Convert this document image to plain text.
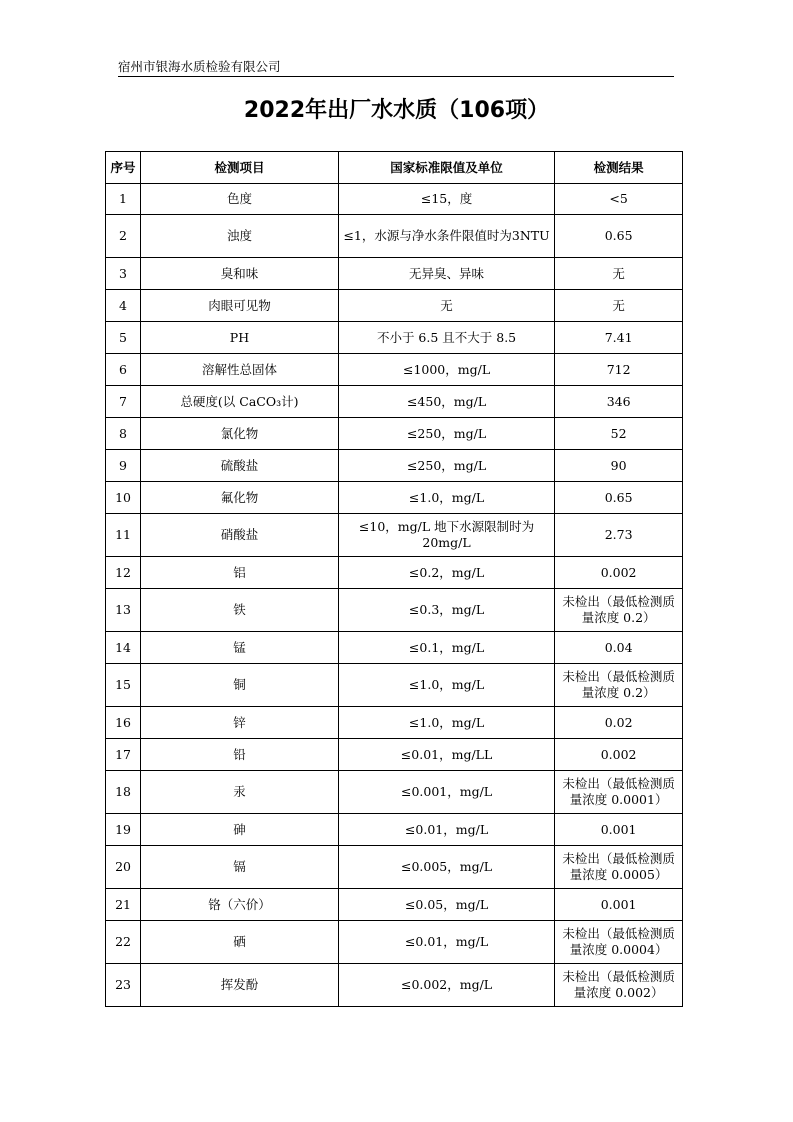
宿州市银海水质检验有限公司
2022年出厂水水质（106项）
序号	检测项目	国家标准限值及单位	检测结果
1	色度	≤15，度	<5
2	浊度	≤1，水源与净水条件限值时为3NTU	0.65
3	臭和味	无异臭、异味	无
4	肉眼可见物	无	无
5	PH	不小于 6.5 且不大于 8.5	7.41
6	溶解性总固体	≤1000，mg/L	712
7	总硬度(以 CaCO₃计)	≤450，mg/L	346
8	氯化物	≤250，mg/L	52
9	硫酸盐	≤250，mg/L	90
10	氟化物	≤1.0，mg/L	0.65
11	硝酸盐	≤10，mg/L 地下水源限制时为20mg/L	2.73
12	铝	≤0.2，mg/L	0.002
13	铁	≤0.3，mg/L	未检出（最低检测质量浓度 0.2）
14	锰	≤0.1，mg/L	0.04
15	铜	≤1.0，mg/L	未检出（最低检测质量浓度 0.2）
16	锌	≤1.0，mg/L	0.02
17	铅	≤0.01，mg/LL	0.002
18	汞	≤0.001，mg/L	未检出（最低检测质量浓度 0.0001）
19	砷	≤0.01，mg/L	0.001
20	镉	≤0.005，mg/L	未检出（最低检测质量浓度 0.0005）
21	铬（六价）	≤0.05，mg/L	0.001
22	硒	≤0.01，mg/L	未检出（最低检测质量浓度 0.0004）
23	挥发酚	≤0.002，mg/L	未检出（最低检测质量浓度 0.002）
